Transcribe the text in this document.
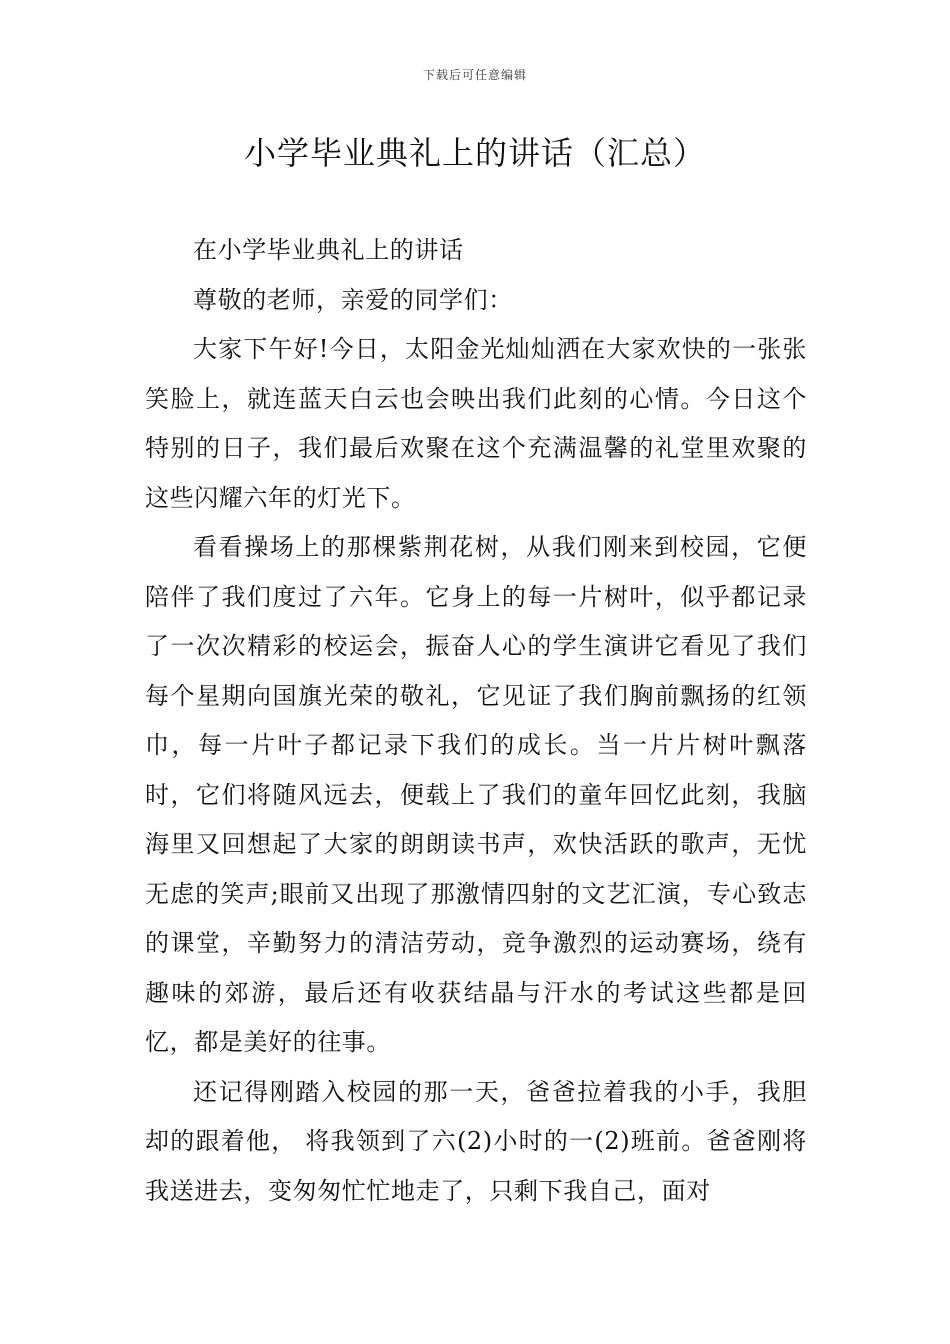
下载后可任意编辑
小学毕业典礼上的讲话（汇总）

在小学毕业典礼上的讲话

尊敬的老师，亲爱的同学们：

大家下午好!今日，太阳金光灿灿洒在大家欢快的一张张笑脸上，就连蓝天白云也会映出我们此刻的心情。今日这个特别的日子，我们最后欢聚在这个充满温馨的礼堂里欢聚的这些闪耀六年的灯光下。

看看操场上的那棵紫荆花树，从我们刚来到校园，它便陪伴了我们度过了六年。它身上的每一片树叶，似乎都记录了一次次精彩的校运会，振奋人心的学生演讲它看见了我们每个星期向国旗光荣的敬礼，它见证了我们胸前飘扬的红领巾，每一片叶子都记录下我们的成长。当一片片树叶飘落时，它们将随风远去，便载上了我们的童年回忆此刻，我脑海里又回想起了大家的朗朗读书声，欢快活跃的歌声，无忧无虑的笑声;眼前又出现了那激情四射的文艺汇演，专心致志的课堂，辛勤努力的清洁劳动，竞争激烈的运动赛场，绕有趣味的郊游，最后还有收获结晶与汗水的考试这些都是回忆，都是美好的往事。

还记得刚踏入校园的那一天，爸爸拉着我的小手，我胆却的跟着他， 将我领到了六(2)小时的一(2)班前。爸爸刚将我送进去，变匆匆忙忙地走了，只剩下我自己，面对
